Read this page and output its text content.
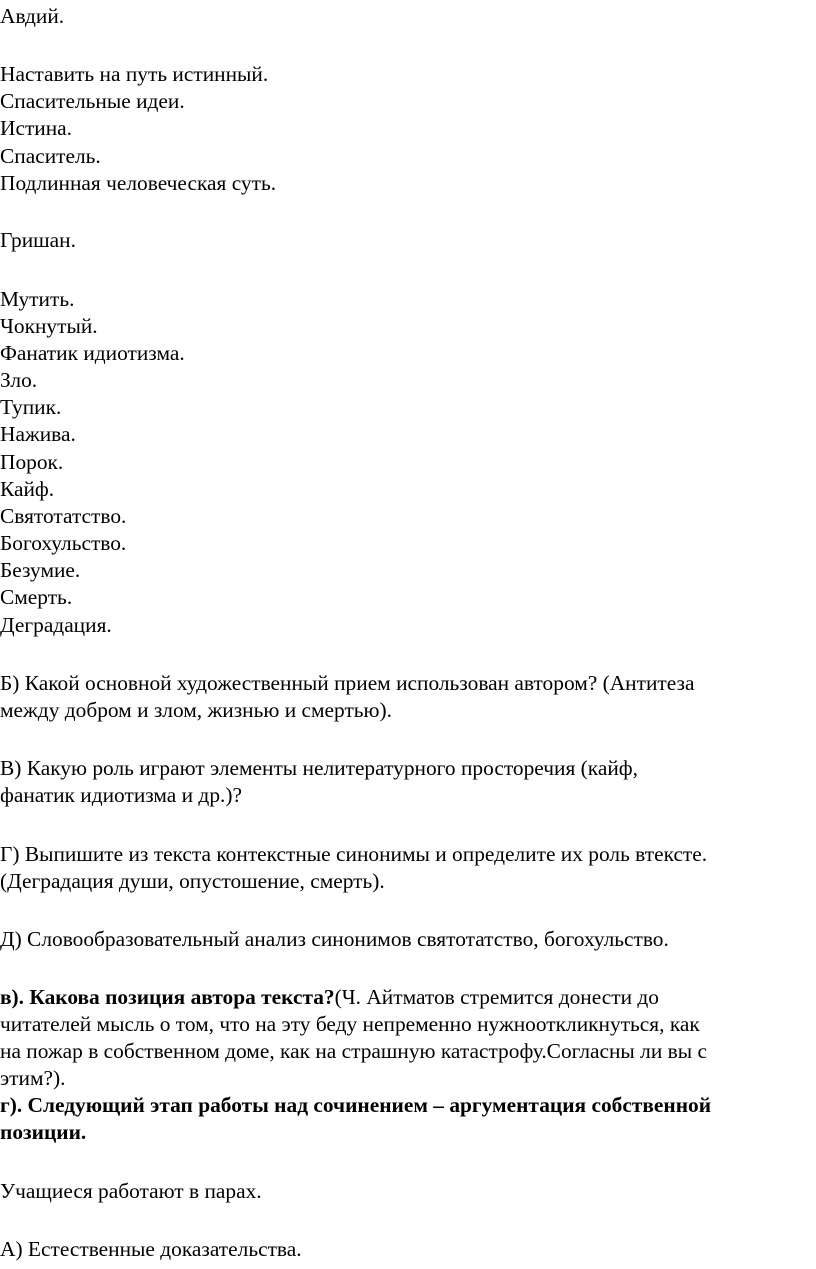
Авдий.

Наставить на путь истинный.

Спасительные идеи.

Истина.

Спаситель.

Подлинная человеческая суть.

Гришан.

Мутить.

Чокнутый.

Фанатик идиотизма.

Зло.

Тупик.

Нажива.

Порок.

Кайф.

Святотатство.

Богохульство.

Безумие.

Смерть.

Деградация.

Б) Какой основной художественный прием использован автором? (Антитеза

между добром и злом, жизнью и смертью).

В) Какую роль играют элементы нелитературного просторечия (кайф,

фанатик идиотизма и др.)?

Г) Выпишите из текста контекстные синонимы и определите их роль втексте.

(Деградация души, опустошение, смерть).

Д) Словообразовательный анализ синонимов святотатство, богохульство.

в). Какова позиция автора текста?(Ч. Айтматов стремится донести до

читателей мысль о том, что на эту беду непременно нужнооткликнуться, как

на пожар в собственном доме, как на страшную катастрофу.Согласны ли вы с

этим?).

г). Следующий этап работы над сочинением – аргументация собственной

позиции.

Учащиеся работают в парах.

А) Естественные доказательства.
